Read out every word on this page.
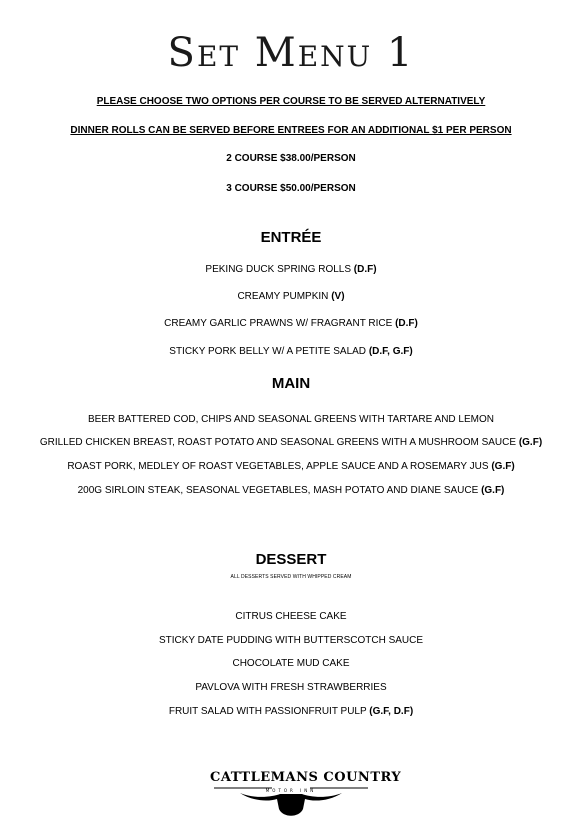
Set Menu 1
PLEASE CHOOSE TWO OPTIONS PER COURSE TO BE SERVED ALTERNATIVELY
DINNER ROLLS CAN BE SERVED BEFORE ENTREES FOR AN ADDITIONAL $1 PER PERSON
2 COURSE $38.00/PERSON
3 COURSE $50.00/PERSON
ENTRÉE
PEKING DUCK SPRING ROLLS (D.F)
CREAMY PUMPKIN (V)
CREAMY GARLIC PRAWNS W/ FRAGRANT RICE (D.F)
STICKY PORK BELLY W/ A PETITE SALAD (D.F, G.F)
MAIN
BEER BATTERED COD, CHIPS AND SEASONAL GREENS WITH TARTARE AND LEMON
GRILLED CHICKEN BREAST, ROAST POTATO AND SEASONAL GREENS WITH A MUSHROOM SAUCE (G.F)
ROAST PORK, MEDLEY OF ROAST VEGETABLES, APPLE SAUCE AND A ROSEMARY JUS (G.F)
200G SIRLOIN STEAK, SEASONAL VEGETABLES, MASH POTATO AND DIANE SAUCE (G.F)
DESSERT
ALL DESSERTS SERVED WITH WHIPPED CREAM
CITRUS CHEESE CAKE
STICKY DATE PUDDING WITH BUTTERSCOTCH SAUCE
CHOCOLATE MUD CAKE
PAVLOVA WITH FRESH STRAWBERRIES
FRUIT SALAD WITH PASSIONFRUIT PULP (G.F, D.F)
CATTLEMANS COUNTRY
MOTOR INN
